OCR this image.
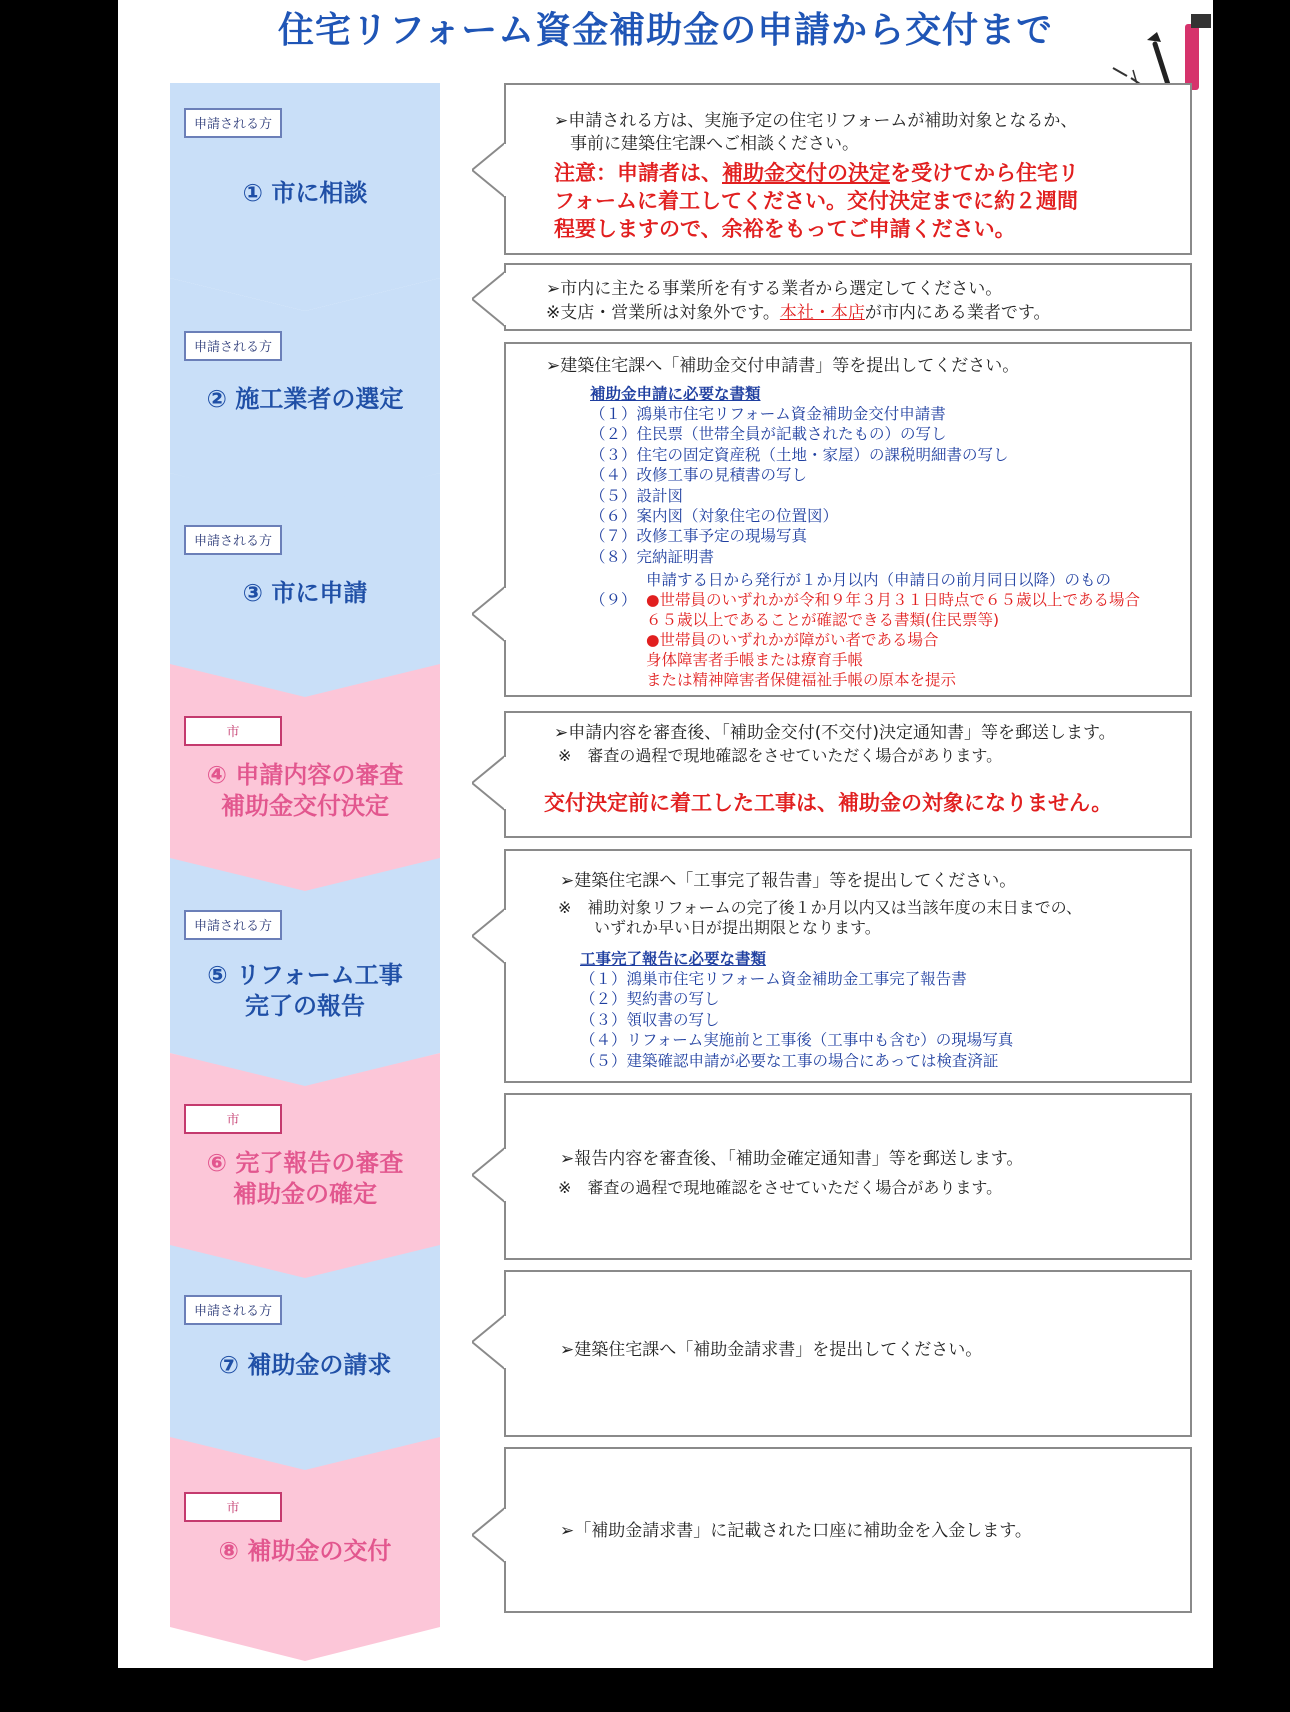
住宅リフォーム資金補助金の申請から交付まで
申請される方
申請される方
申請される方
市
申請される方
市
申請される方
市
① 市に相談
② 施工業者の選定
③ 市に申請
④ 申請内容の審査
補助金交付決定
⑤ リフォーム工事
完了の報告
⑥ 完了報告の審査
補助金の確定
⑦ 補助金の請求
⑧ 補助金の交付
➢申請される方は、実施予定の住宅リフォームが補助対象となるか、
事前に建築住宅課へご相談ください。
注意：申請者は、補助金交付の決定を受けてから住宅リ
フォームに着工してください。交付決定までに約２週間
程要しますので、余裕をもってご申請ください。
➢市内に主たる事業所を有する業者から選定してください。
※支店・営業所は対象外です。本社・本店が市内にある業者です。
➢建築住宅課へ「補助金交付申請書」等を提出してください。
補助金申請に必要な書類
（１）鴻巣市住宅リフォーム資金補助金交付申請書
（２）住民票（世帯全員が記載されたもの）の写し
（３）住宅の固定資産税（土地・家屋）の課税明細書の写し
（４）改修工事の見積書の写し
（５）設計図
（６）案内図（対象住宅の位置図）
（７）改修工事予定の現場写真
（８）完納証明書
申請する日から発行が１か月以内（申請日の前月同日以降）のもの
（９） ●世帯員のいずれかが令和９年３月３１日時点で６５歳以上である場合
６５歳以上であることが確認できる書類(住民票等)
●世帯員のいずれかが障がい者である場合
身体障害者手帳または療育手帳
または精神障害者保健福祉手帳の原本を提示
➢申請内容を審査後、「補助金交付(不交付)決定通知書」等を郵送します。
※　審査の過程で現地確認をさせていただく場合があります。
交付決定前に着工した工事は、補助金の対象になりません。
➢建築住宅課へ「工事完了報告書」等を提出してください。
※　補助対象リフォームの完了後１か月以内又は当該年度の末日までの、
いずれか早い日が提出期限となります。
工事完了報告に必要な書類
（１）鴻巣市住宅リフォーム資金補助金工事完了報告書
（２）契約書の写し
（３）領収書の写し
（４）リフォーム実施前と工事後（工事中も含む）の現場写真
（５）建築確認申請が必要な工事の場合にあっては検査済証
➢報告内容を審査後、「補助金確定通知書」等を郵送します。
※　審査の過程で現地確認をさせていただく場合があります。
➢建築住宅課へ「補助金請求書」を提出してください。
➢「補助金請求書」に記載された口座に補助金を入金します。
